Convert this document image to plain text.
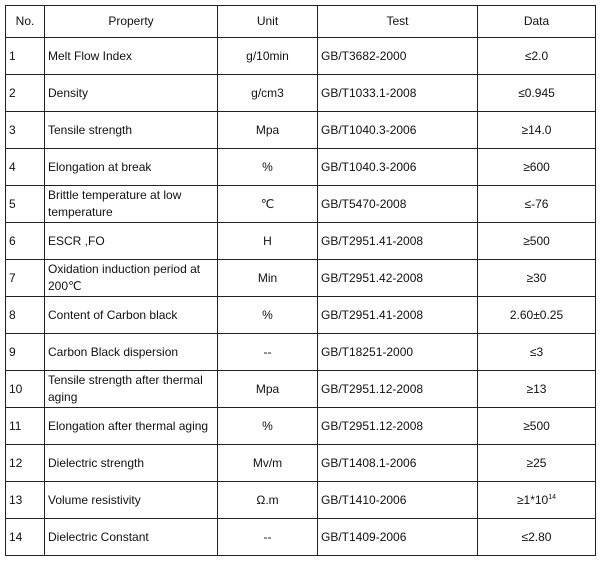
No.	Property	Unit	Test	Data
1	Melt Flow Index	g/10min	GB/T3682-2000	≤2.0
2	Density	g/cm3	GB/T1033.1-2008	≤0.945
3	Tensile strength	Mpa	GB/T1040.3-2006	≥14.0
4	Elongation at break	%	GB/T1040.3-2006	≥600
5	Brittle temperature at low temperature	℃	GB/T5470-2008	≤-76
6	ESCR ,FO	H	GB/T2951.41-2008	≥500
7	Oxidation induction period at 200℃	Min	GB/T2951.42-2008	≥30
8	Content of Carbon black	%	GB/T2951.41-2008	2.60±0.25
9	Carbon Black dispersion	--	GB/T18251-2000	≤3
10	Tensile strength after thermal aging	Mpa	GB/T2951.12-2008	≥13
11	Elongation after thermal aging	%	GB/T2951.12-2008	≥500
12	Dielectric strength	Mv/m	GB/T1408.1-2006	≥25
13	Volume resistivity	Ω.m	GB/T1410-2006	$\ge 1*10^{14}$
14	Dielectric Constant	--	GB/T1409-2006	≤2.80
